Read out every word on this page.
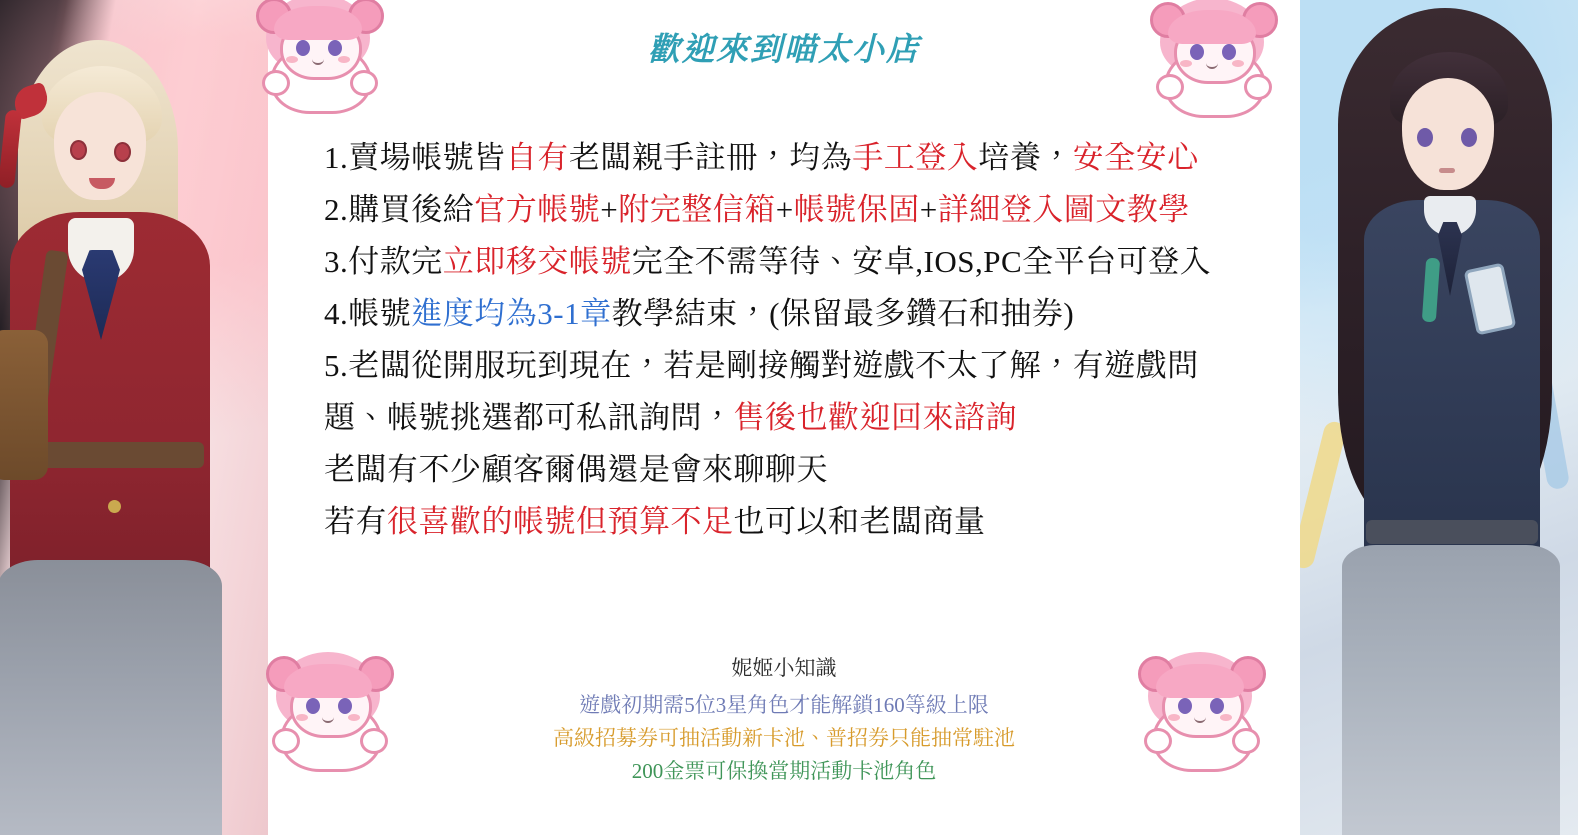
歡迎來到喵太小店
1.賣場帳號皆自有老闆親手註冊，均為手工登入培養，安全安心
2.購買後給官方帳號+附完整信箱+帳號保固+詳細登入圖文教學
3.付款完立即移交帳號完全不需等待、安卓,IOS,PC全平台可登入
4.帳號進度均為3-1章教學結束，(保留最多鑽石和抽券)
5.老闆從開服玩到現在，若是剛接觸對遊戲不太了解，有遊戲問
題、帳號挑選都可私訊詢問，售後也歡迎回來諮詢
老闆有不少顧客爾偶還是會來聊聊天
若有很喜歡的帳號但預算不足也可以和老闆商量
妮姬小知識
遊戲初期需5位3星角色才能解鎖160等級上限
高級招募券可抽活動新卡池、普招券只能抽常駐池
200金票可保換當期活動卡池角色
